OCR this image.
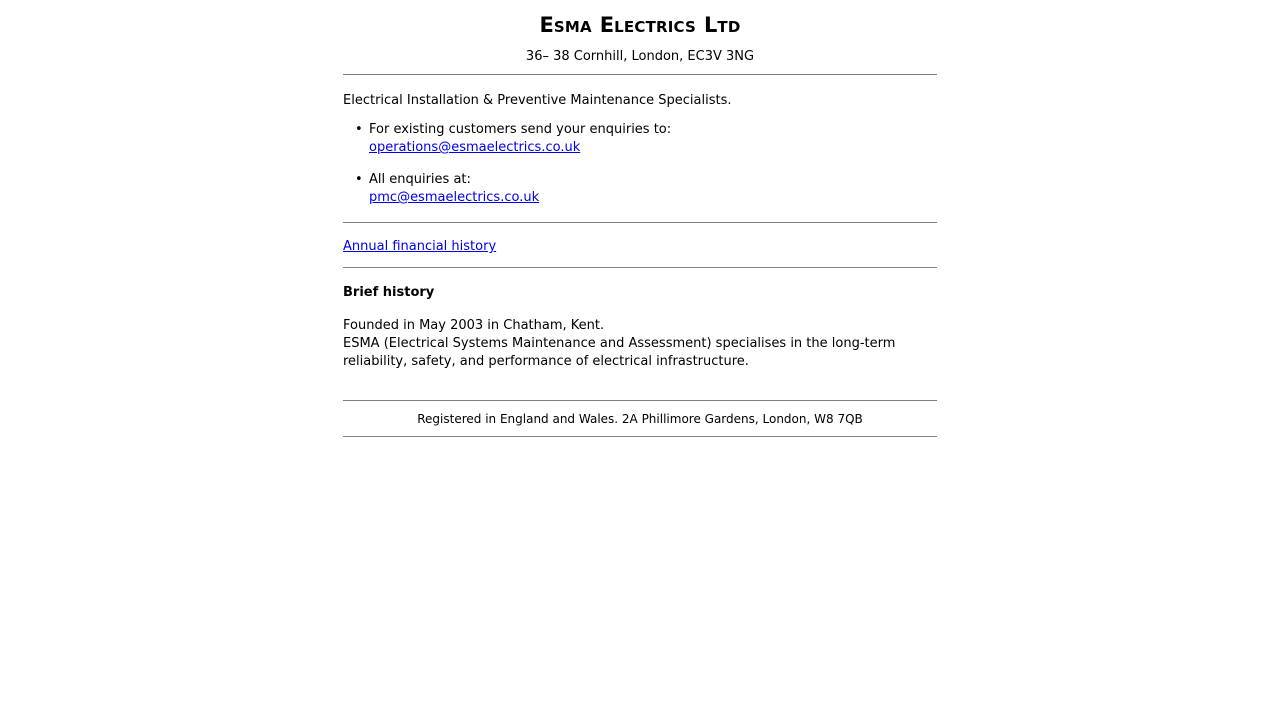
ESMA ELECTRICS LTD

36– 38 Cornhill, London, EC3V 3NG

Electrical Installation & Preventive Maintenance Specialists.

• For existing customers send your enquiries to:
operations@esmaelectrics.co.uk
• All enquiries at:
pmc@esmaelectrics.co.uk
Annual financial history
Brief history

Founded in May 2003 in Chatham, Kent.
ESMA (Electrical Systems Maintenance and Assessment) specialises in the long-term reliability, safety, and performance of electrical infrastructure.

Registered in England and Wales. 2A Phillimore Gardens, London, W8 7QB
